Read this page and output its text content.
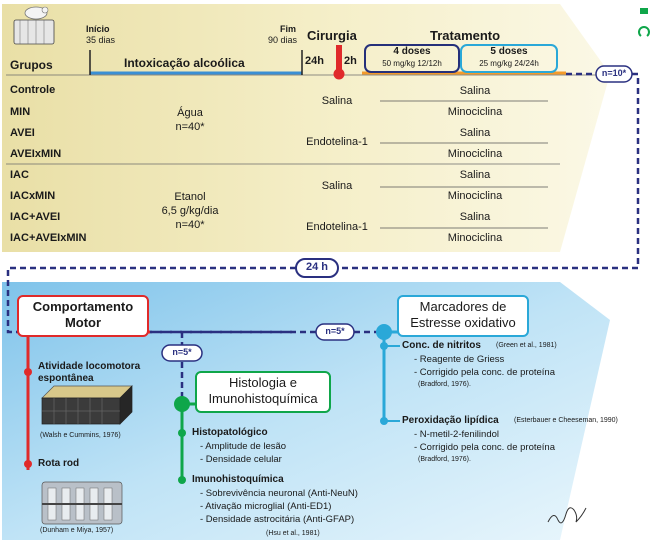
Grupos
Início
35 dias
Fim
90 dias
Intoxicação alcoólica	24h 2h
Cirurgia	Tratamento
4 doses
50 mg/kg 12/12h
5 doses
25 mg/kg 24/24h
n=10*
Controle
MIN
AVEI
AVEIxMIN
IAC
IACxMIN
IAC+AVEI
IAC+AVEIxMIN
Água
n=40*
Etanol
6,5 g/kg/dia
n=40*
Salina
Endotelina-1
Salina
Endotelina-1
Salina
Minociclina
Salina
Minociclina
Salina
Minociclina
Salina
Minociclina
24 h
Comportamento
Motor
n=5*
n=5*
Marcadores de
Estresse oxidativo
Atividade locomotora
espontânea
(Walsh e Cummins, 1976)
Rota rod
(Dunham e Miya, 1957)
Histologia e
Imunohistoquímica
Histopatológico
- Amplitude de lesão
- Densidade celular
Imunohistoquímica
- Sobrevivência neuronal (Anti-NeuN)
- Ativação microglial (Anti-ED1)
- Densidade astrocitária (Anti-GFAP)
(Hsu et al., 1981)
Conc. de nitritos (Green et al., 1981)
- Reagente de Griess
- Corrigido pela conc. de proteína
(Bradford, 1976).
Peroxidação lipídica (Esterbauer e Cheeseman, 1990)
- N-metil-2-fenilindol
- Corrigido pela conc. de proteína
(Bradford, 1976).
